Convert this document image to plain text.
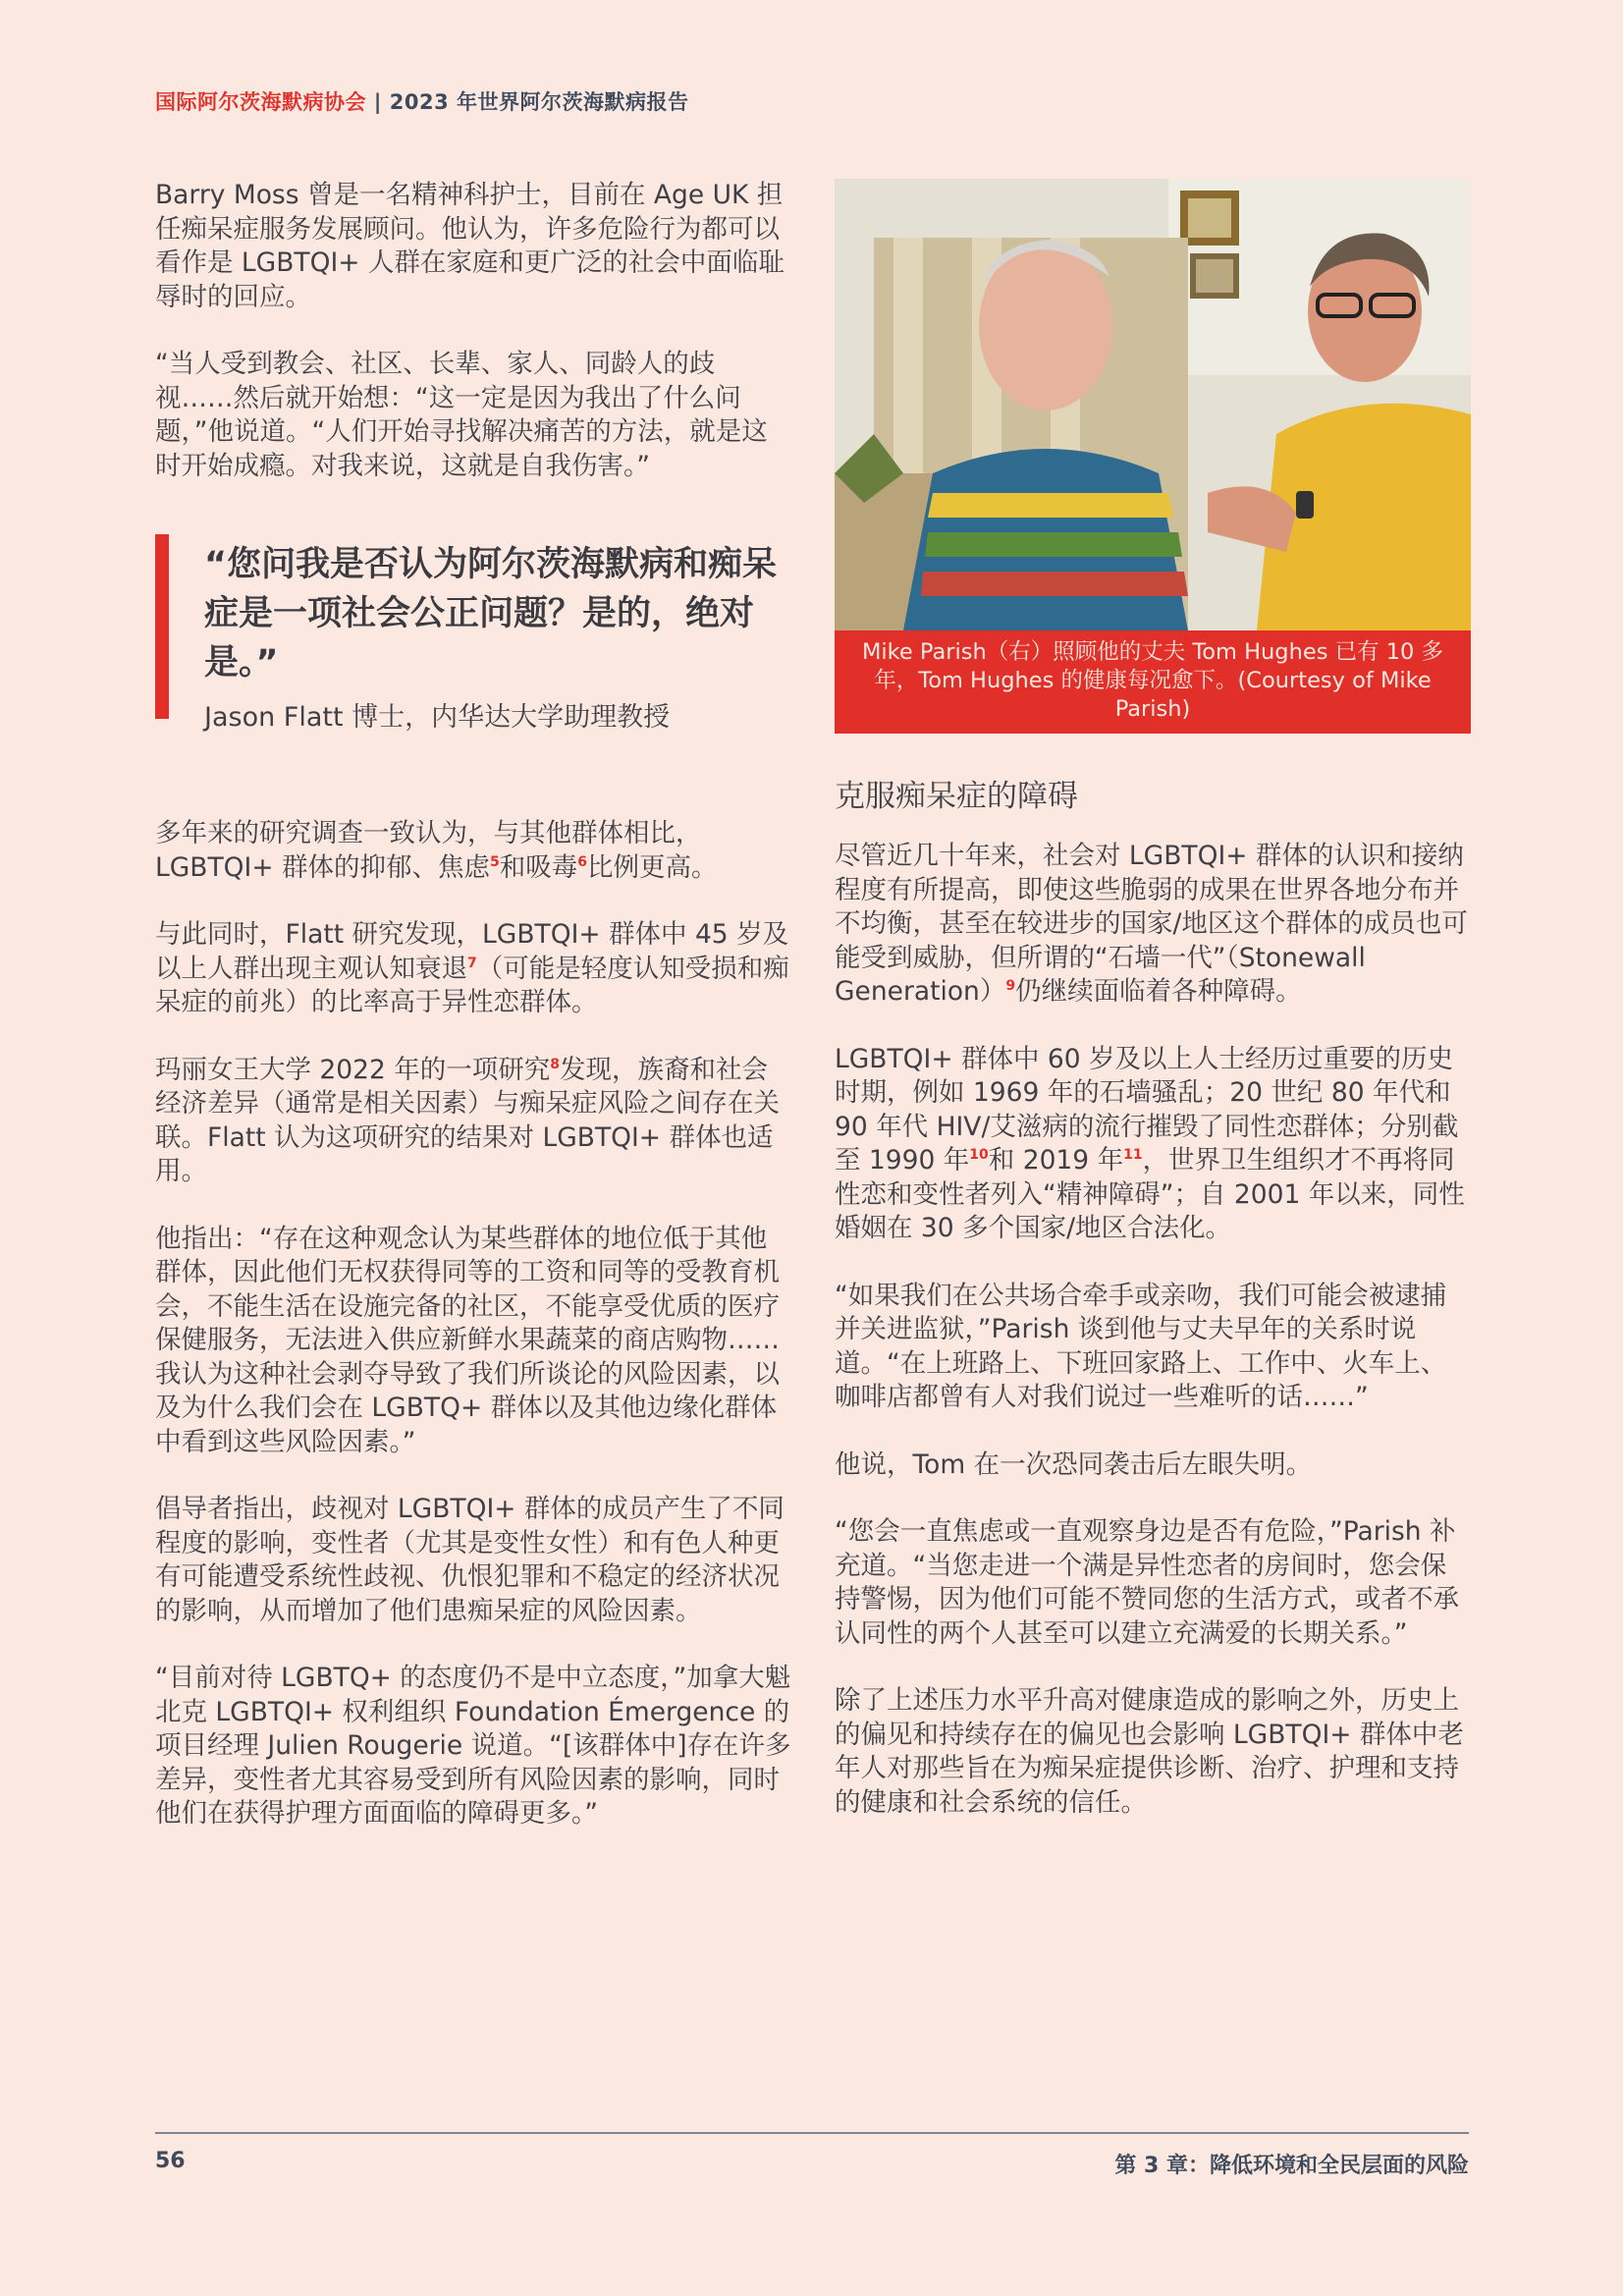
国际阿尔茨海默病协会 | 2023 年世界阿尔茨海默病报告

Barry Moss 曾是一名精神科护士，目前在 Age UK 担任痴呆症服务发展顾问。他认为，许多危险行为都可以看作是 LGBTQI+ 人群在家庭和更广泛的社会中面临耻辱时的回应。

“当人受到教会、社区、长辈、家人、同龄人的歧视……然后就开始想：“这一定是因为我出了什么问题，”他说道。“人们开始寻找解决痛苦的方法，就是这时开始成瘾。对我来说，这就是自我伤害。”

“您问我是否认为阿尔茨海默病和痴呆症是一项社会公正问题？是的，绝对是。”
Jason Flatt 博士，内华达大学助理教授

多年来的研究调查一致认为，与其他群体相比，LGBTQI+ 群体的抑郁、焦虑$^5$和吸毒$^6$比例更高。

与此同时，Flatt 研究发现，LGBTQI+ 群体中 45 岁及以上人群出现主观认知衰退$^7$（可能是轻度认知受损和痴呆症的前兆）的比率高于异性恋群体。

玛丽女王大学 2022 年的一项研究$^8$发现，族裔和社会经济差异（通常是相关因素）与痴呆症风险之间存在关联。Flatt 认为这项研究的结果对 LGBTQI+ 群体也适用。

他指出：“存在这种观念认为某些群体的地位低于其他群体，因此他们无权获得同等的工资和同等的受教育机会，不能生活在设施完备的社区，不能享受优质的医疗保健服务，无法进入供应新鲜水果蔬菜的商店购物…… 我认为这种社会剥夺导致了我们所谈论的风险因素，以及为什么我们会在 LGBTQ+ 群体以及其他边缘化群体中看到这些风险因素。”

倡导者指出，歧视对 LGBTQI+ 群体的成员产生了不同程度的影响，变性者（尤其是变性女性）和有色人种更有可能遭受系统性歧视、仇恨犯罪和不稳定的经济状况的影响，从而增加了他们患痴呆症的风险因素。

“目前对待 LGBTQ+ 的态度仍不是中立态度，”加拿大魁北克 LGBTQI+ 权利组织 Foundation Émergence 的项目经理 Julien Rougerie 说道。“[该群体中]存在许多差异，变性者尤其容易受到所有风险因素的影响，同时他们在获得护理方面面临的障碍更多。”

Mike Parish（右）照顾他的丈夫 Tom Hughes 已有 10 多年，Tom Hughes 的健康每况愈下。(Courtesy of Mike Parish)
克服痴呆症的障碍

尽管近几十年来，社会对 LGBTQI+ 群体的认识和接纳程度有所提高，即使这些脆弱的成果在世界各地分布并不均衡，甚至在较进步的国家/地区这个群体的成员也可能受到威胁，但所谓的“石墙一代”（Stonewall Generation）$^9$仍继续面临着各种障碍。

LGBTQI+ 群体中 60 岁及以上人士经历过重要的历史时期，例如 1969 年的石墙骚乱；20 世纪 80 年代和 90 年代 HIV/艾滋病的流行摧毁了同性恋群体；分别截至 1990 年$^{10}$和 2019 年$^{11}$，世界卫生组织才不再将同性恋和变性者列入“精神障碍”；自 2001 年以来，同性婚姻在 30 多个国家/地区合法化。

“如果我们在公共场合牵手或亲吻，我们可能会被逮捕并关进监狱，”Parish 谈到他与丈夫早年的关系时说道。“在上班路上、下班回家路上、工作中、火车上、咖啡店都曾有人对我们说过一些难听的话……”

他说，Tom 在一次恐同袭击后左眼失明。

“您会一直焦虑或一直观察身边是否有危险，”Parish 补充道。“当您走进一个满是异性恋者的房间时，您会保持警惕，因为他们可能不赞同您的生活方式，或者不承认同性的两个人甚至可以建立充满爱的长期关系。”

除了上述压力水平升高对健康造成的影响之外，历史上的偏见和持续存在的偏见也会影响 LGBTQI+ 群体中老年人对那些旨在为痴呆症提供诊断、治疗、护理和支持的健康和社会系统的信任。

56	第 3 章：降低环境和全民层面的风险
